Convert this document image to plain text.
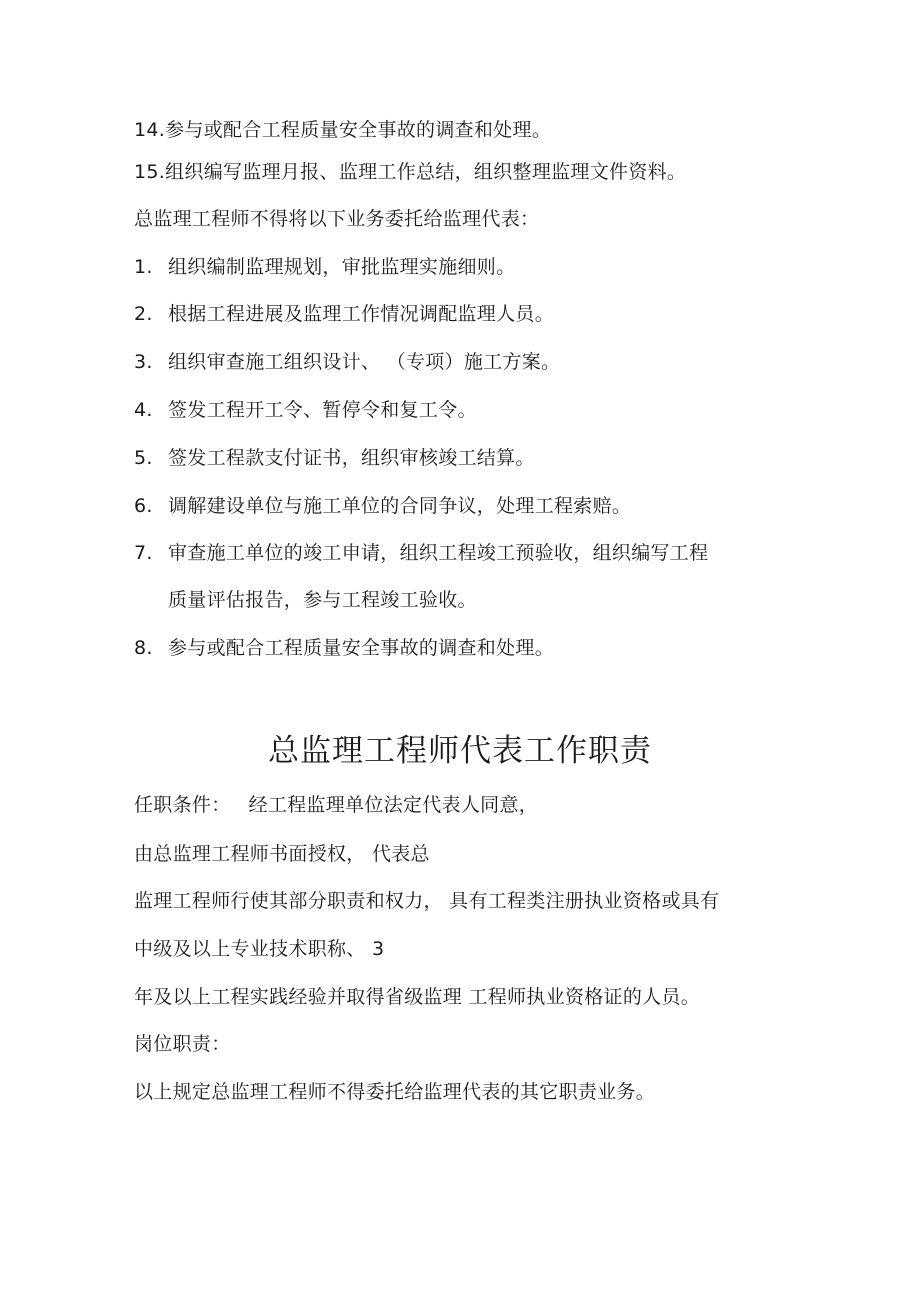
14.参与或配合工程质量安全事故的调查和处理。
15.组织编写监理月报、监理工作总结，组织整理监理文件资料。
总监理工程师不得将以下业务委托给监理代表：
1. 组织编制监理规划，审批监理实施细则。
2. 根据工程进展及监理工作情况调配监理人员。
3. 组织审查施工组织设计、 （专项）施工方案。
4. 签发工程开工令、暂停令和复工令。
5. 签发工程款支付证书，组织审核竣工结算。
6. 调解建设单位与施工单位的合同争议，处理工程索赔。
7. 审查施工单位的竣工申请，组织工程竣工预验收，组织编写工程
质量评估报告，参与工程竣工验收。
8. 参与或配合工程质量安全事故的调查和处理。
总监理工程师代表工作职责
任职条件： 经工程监理单位法定代表人同意，
由总监理工程师书面授权， 代表总
监理工程师行使其部分职责和权力， 具有工程类注册执业资格或具有
中级及以上专业技术职称、 3
年及以上工程实践经验并取得省级监理 工程师执业资格证的人员。
岗位职责：
以上规定总监理工程师不得委托给监理代表的其它职责业务。
